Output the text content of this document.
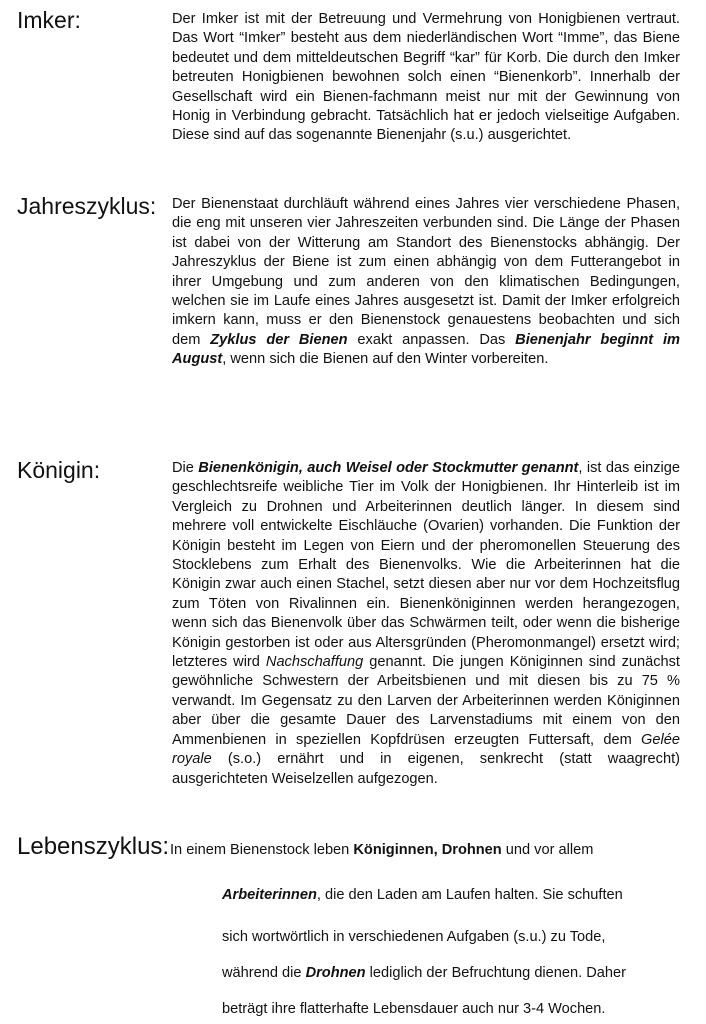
Imker:	Der Imker ist mit der Betreuung und Vermehrung von Honigbienen vertraut. Das Wort “Imker” besteht aus dem niederländischen Wort “Imme”, das Biene bedeutet und dem mitteldeutschen Begriff “kar” für Korb. Die durch den Imker betreuten Honigbienen bewohnen solch einen “Bienenkorb”. Innerhalb der Gesellschaft wird ein Bienen-fachmann meist nur mit der Gewinnung von Honig in Verbindung gebracht. Tatsächlich hat er jedoch vielseitige Aufgaben. Diese sind auf das sogenannte Bienenjahr (s.u.) ausgerichtet.
Jahreszyklus: Der Bienenstaat durchläuft während eines Jahres vier verschiedene Phasen, die eng mit unseren vier Jahreszeiten verbunden sind. Die Länge der Phasen ist dabei von der Witterung am Standort des Bienenstocks abhängig. Der Jahreszyklus der Biene ist zum einen abhängig von dem Futterangebot in ihrer Umgebung und zum anderen von den klimatischen Bedingungen, welchen sie im Laufe eines Jahres ausgesetzt ist. Damit der Imker erfolgreich imkern kann, muss er den Bienenstock genauestens beobachten und sich dem Zyklus der Bienen exakt anpassen. Das Bienenjahr beginnt im August, wenn sich die Bienen auf den Winter vorbereiten.
Königin:	Die Bienenkönigin, auch Weisel oder Stockmutter genannt, ist das einzige geschlechtsreife weibliche Tier im Volk der Honigbienen. Ihr Hinterleib ist im Vergleich zu Drohnen und Arbeiterinnen deutlich länger. In diesem sind mehrere voll entwickelte Eischläuche (Ovarien) vorhanden. Die Funktion der Königin besteht im Legen von Eiern und der pheromonellen Steuerung des Stocklebens zum Erhalt des Bienenvolks. Wie die Arbeiterinnen hat die Königin zwar auch einen Stachel, setzt diesen aber nur vor dem Hochzeitsflug zum Töten von Rivalinnen ein. Bienenköniginnen werden herangezogen, wenn sich das Bienenvolk über das Schwärmen teilt, oder wenn die bisherige Königin gestorben ist oder aus Altersgründen (Pheromonmangel) ersetzt wird; letzteres wird Nachschaffung genannt. Die jungen Königinnen sind zunächst gewöhnliche Schwestern der Arbeitsbienen und mit diesen bis zu 75 % verwandt. Im Gegensatz zu den Larven der Arbeiterinnen werden Königinnen aber über die gesamte Dauer des Larvenstadiums mit einem von den Ammenbienen in speziellen Kopfdrüsen erzeugten Futtersaft, dem Gelée royale (s.o.) ernährt und in eigenen, senkrecht (statt waagrecht) ausgerichteten Weiselzellen aufgezogen.
Lebenszyklus: In einem Bienenstock leben Königinnen, Drohnen und vor allem
Arbeiterinnen, die den Laden am Laufen halten. Sie schuften
sich wortwörtlich in verschiedenen Aufgaben (s.u.) zu Tode,
während die Drohnen lediglich der Befruchtung dienen. Daher
beträgt ihre flatterhafte Lebensdauer auch nur 3-4 Wochen.
